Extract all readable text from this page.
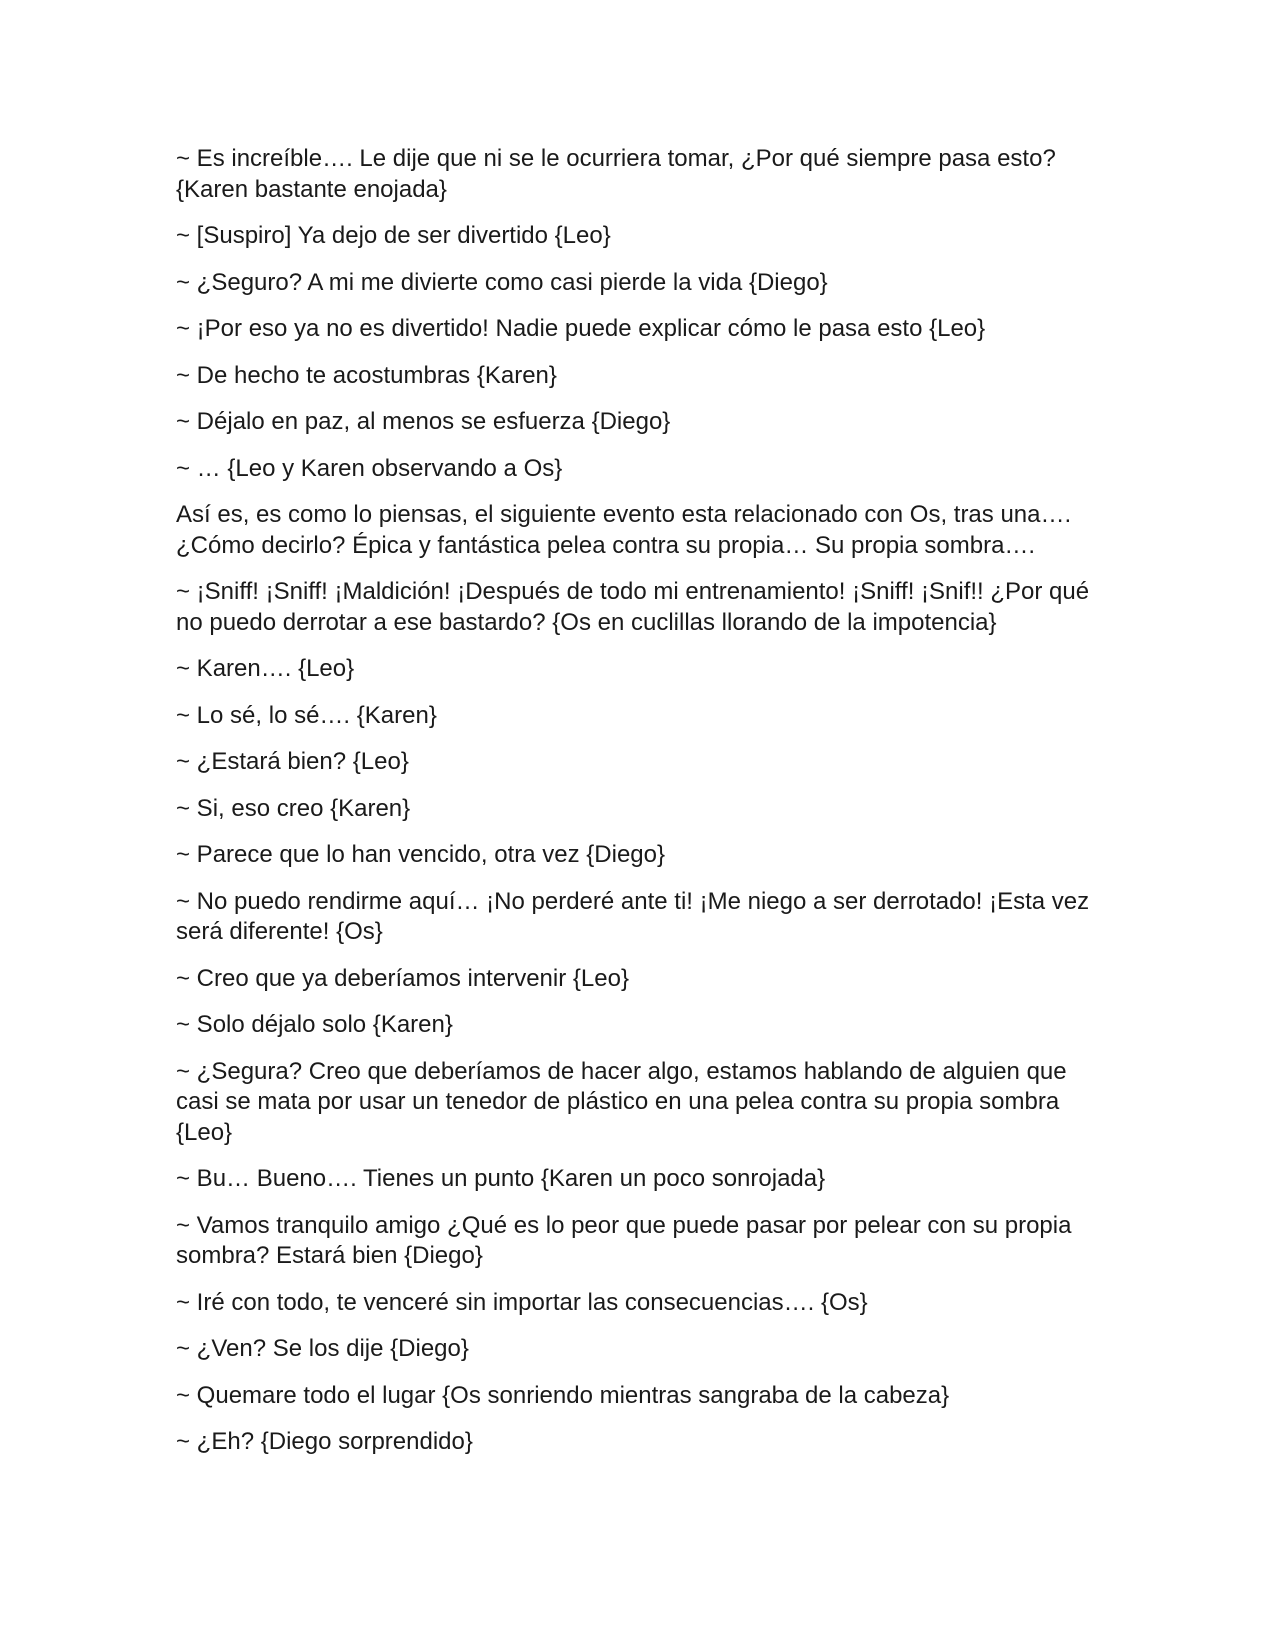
~ Es increíble…. Le dije que ni se le ocurriera tomar, ¿Por qué siempre pasa esto? {Karen bastante enojada}

~ [Suspiro] Ya dejo de ser divertido {Leo}

~ ¿Seguro? A mi me divierte como casi pierde la vida {Diego}

~ ¡Por eso ya no es divertido! Nadie puede explicar cómo le pasa esto {Leo}

~ De hecho te acostumbras {Karen}

~ Déjalo en paz, al menos se esfuerza {Diego}

~ … {Leo y Karen observando a Os}

Así es, es como lo piensas, el siguiente evento esta relacionado con Os, tras una…. ¿Cómo decirlo? Épica y fantástica pelea contra su propia… Su propia sombra….

~ ¡Sniff! ¡Sniff! ¡Maldición! ¡Después de todo mi entrenamiento! ¡Sniff! ¡Snif!! ¿Por qué no puedo derrotar a ese bastardo? {Os en cuclillas llorando de la impotencia}

~ Karen…. {Leo}

~ Lo sé, lo sé…. {Karen}

~ ¿Estará bien? {Leo}

~ Si, eso creo {Karen}

~ Parece que lo han vencido, otra vez {Diego}

~ No puedo rendirme aquí… ¡No perderé ante ti! ¡Me niego a ser derrotado! ¡Esta vez será diferente! {Os}

~ Creo que ya deberíamos intervenir {Leo}

~ Solo déjalo solo {Karen}

~ ¿Segura? Creo que deberíamos de hacer algo, estamos hablando de alguien que casi se mata por usar un tenedor de plástico en una pelea contra su propia sombra {Leo}

~ Bu… Bueno…. Tienes un punto {Karen un poco sonrojada}

~ Vamos tranquilo amigo ¿Qué es lo peor que puede pasar por pelear con su propia sombra? Estará bien {Diego}

~ Iré con todo, te venceré sin importar las consecuencias…. {Os}

~ ¿Ven? Se los dije {Diego}

~ Quemare todo el lugar {Os sonriendo mientras sangraba de la cabeza}

~ ¿Eh? {Diego sorprendido}
